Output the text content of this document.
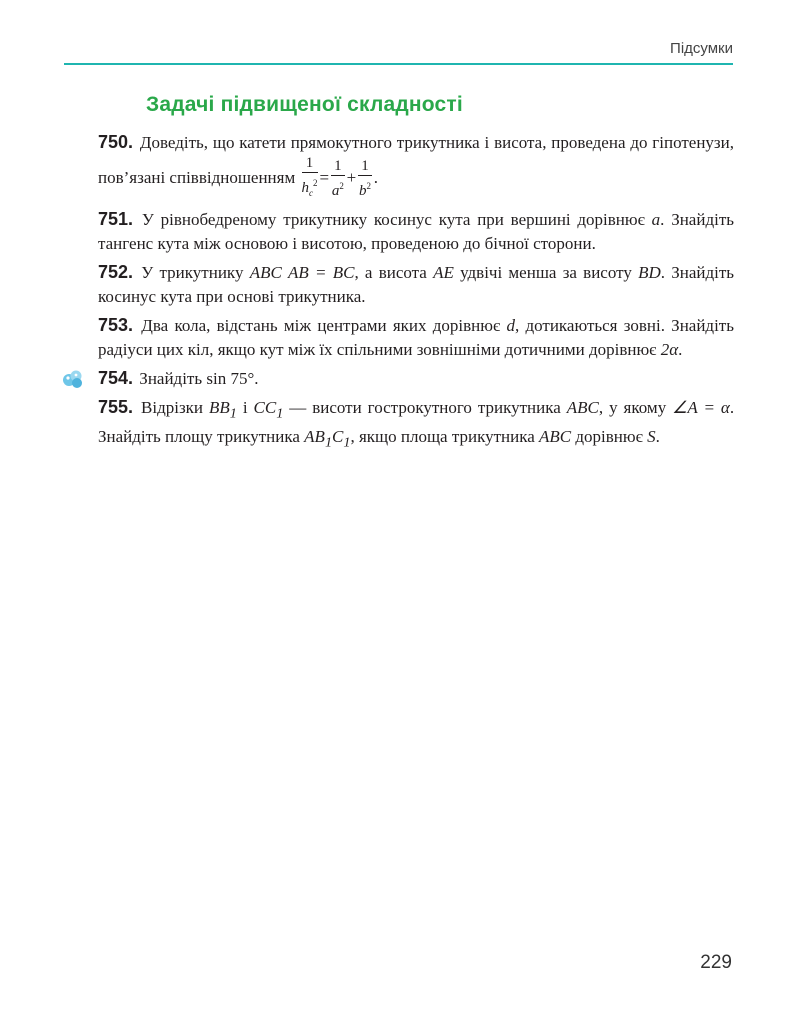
Підсумки
Задачі підвищеної складності
750. Доведіть, що катети прямокутного трикутника і висота, проведена до гіпотенузи, пов’язані співвідношенням $\frac{1}{h_c^2} = \frac{1}{a^2} + \frac{1}{b^2}$ .
751. У рівнобедреному трикутнику косинус кута при вершині дорівнює a. Знайдіть тангенс кута між основою і висотою, проведеною до бічної сторони.
752. У трикутнику ABC AB = BC, а висота AE удвічі менша за висоту BD. Знайдіть косинус кута при основі трикутника.
753. Два кола, відстань між центрами яких дорівнює d, дотикаються зовні. Знайдіть радіуси цих кіл, якщо кут між їх спільними зовнішніми дотичними дорівнює 2α.
754. Знайдіть sin 75°.
755. Відрізки $BB_1$ і $CC_1$ — висоти гострокутного трикутника ABC, у якому ∠A = α. Знайдіть площу трикутника $AB_1C_1$, якщо площа трикутника ABC дорівнює S.
229
